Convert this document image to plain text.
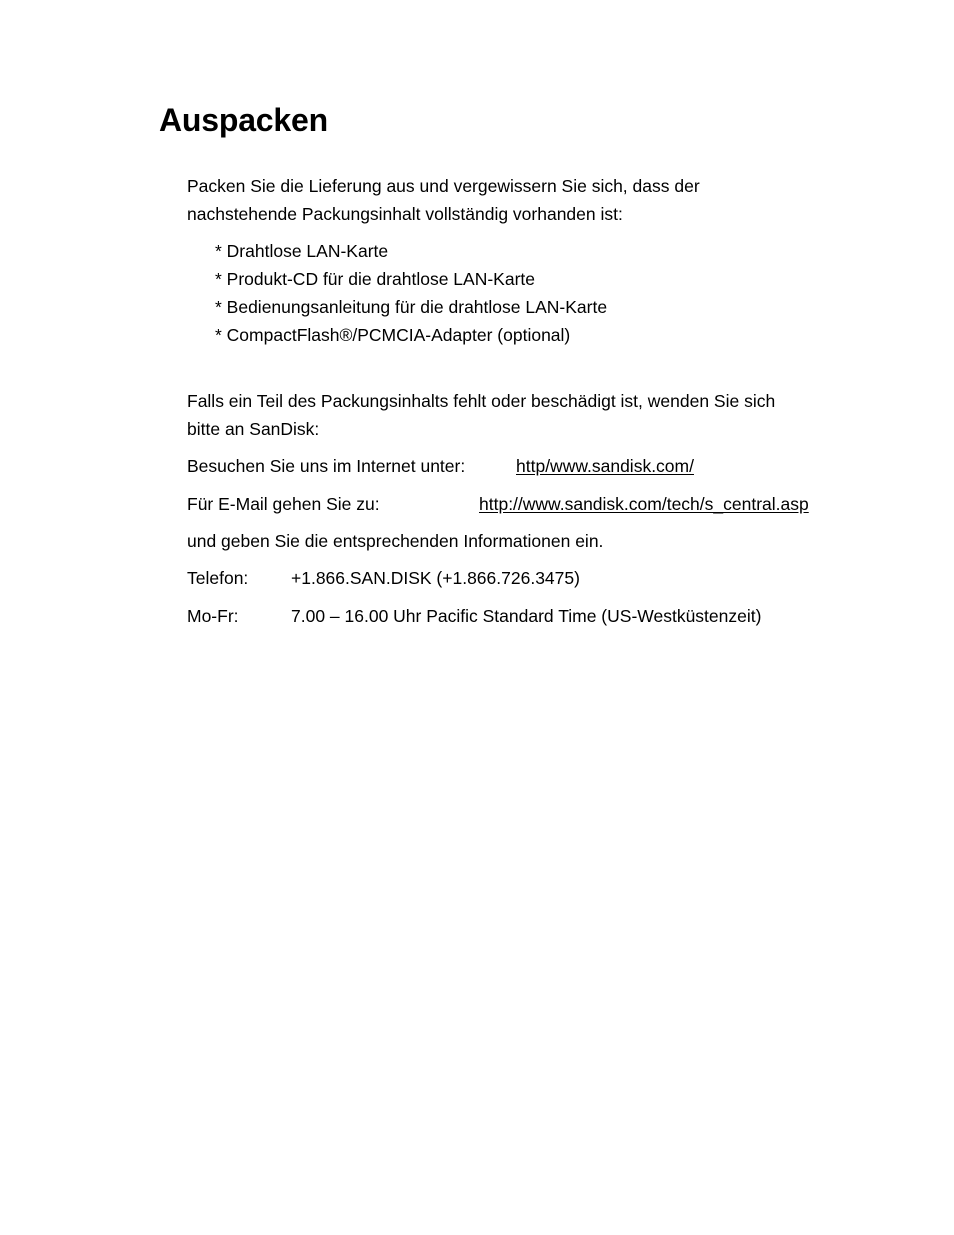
Auspacken

Packen Sie die Lieferung aus und vergewissern Sie sich, dass der

nachstehende Packungsinhalt vollständig vorhanden ist:

* Drahtlose LAN-Karte

* Produkt-CD für die drahtlose LAN-Karte

* Bedienungsanleitung für die drahtlose LAN-Karte

* CompactFlash®/PCMCIA-Adapter (optional)

Falls ein Teil des Packungsinhalts fehlt oder beschädigt ist, wenden Sie sich

bitte an SanDisk:

Besuchen Sie uns im Internet unter:	http/www.sandisk.com/

Für E-Mail gehen Sie zu:	http://www.sandisk.com/tech/s_central.asp

und geben Sie die entsprechenden Informationen ein.

Telefon: +1.866.SAN.DISK (+1.866.726.3475)

Mo-Fr:	7.00 – 16.00 Uhr Pacific Standard Time (US-Westküstenzeit)
